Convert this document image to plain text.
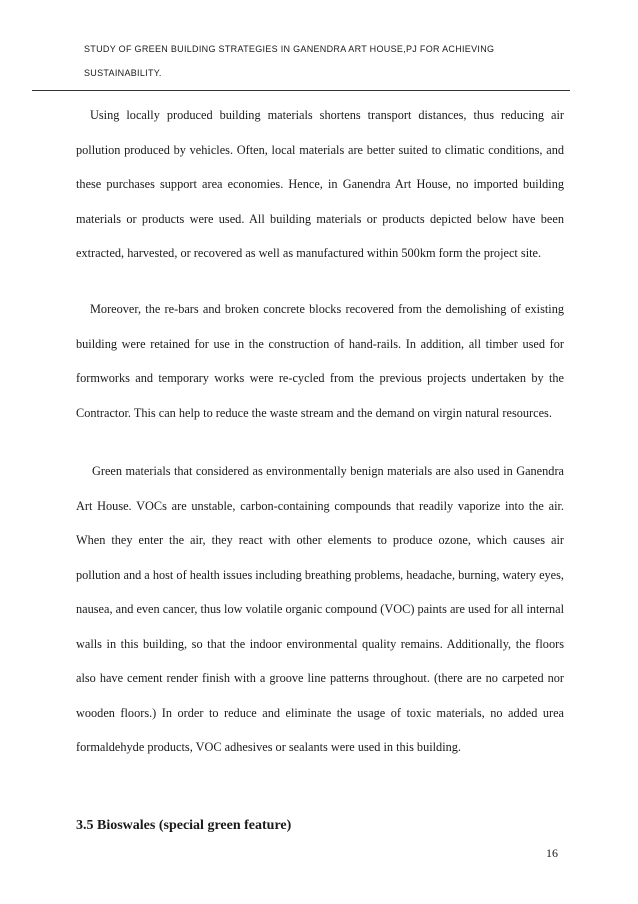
STUDY OF GREEN BUILDING STRATEGIES IN GANENDRA ART HOUSE,PJ FOR ACHIEVING
SUSTAINABILITY.

Using locally produced building materials shortens transport distances, thus reducing air pollution produced by vehicles. Often, local materials are better suited to climatic conditions, and these purchases support area economies. Hence, in Ganendra Art House, no imported building materials or products were used. All building materials or products depicted below have been extracted, harvested, or recovered as well as manufactured within 500km form the project site.

Moreover, the re-bars and broken concrete blocks recovered from the demolishing of existing building were retained for use in the construction of hand-rails. In addition, all timber used for formworks and temporary works were re-cycled from the previous projects undertaken by the Contractor. This can help to reduce the waste stream and the demand on virgin natural resources.

Green materials that considered as environmentally benign materials are also used in Ganendra Art House. VOCs are unstable, carbon-containing compounds that readily vaporize into the air. When they enter the air, they react with other elements to produce ozone, which causes air pollution and a host of health issues including breathing problems, headache, burning, watery eyes, nausea, and even cancer, thus low volatile organic compound (VOC) paints are used for all internal walls in this building, so that the indoor environmental quality remains. Additionally, the floors also have cement render finish with a groove line patterns throughout. (there are no carpeted nor wooden floors.) In order to reduce and eliminate the usage of toxic materials, no added urea formaldehyde products, VOC adhesives or sealants were used in this building.

3.5 Bioswales (special green feature)
16
